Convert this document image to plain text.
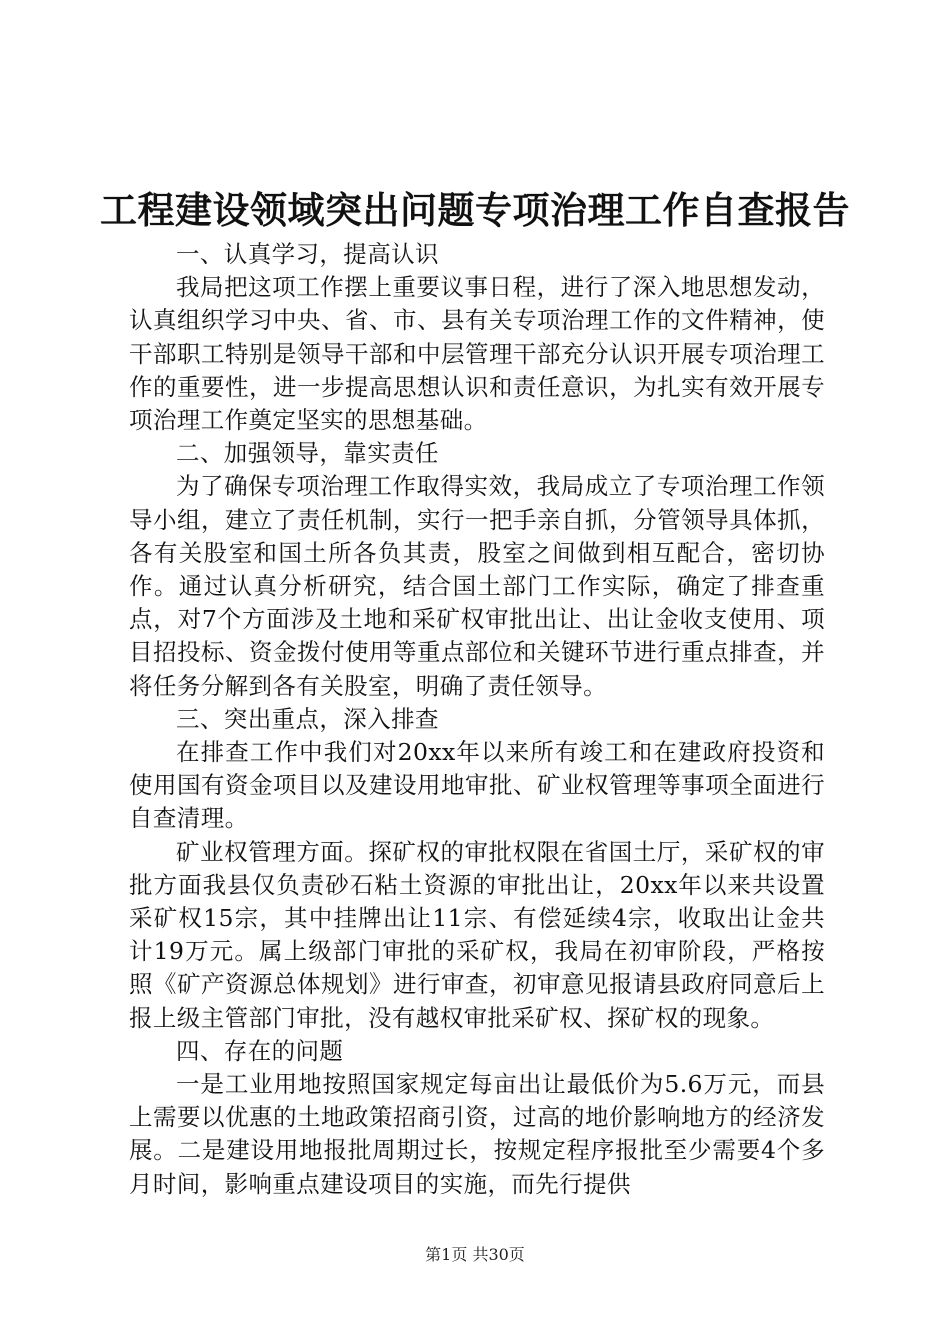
工程建设领域突出问题专项治理工作自查报告

一、认真学习，提高认识

我局把这项工作摆上重要议事日程，进行了深入地思想发动，认真组织学习中央、省、市、县有关专项治理工作的文件精神，使干部职工特别是领导干部和中层管理干部充分认识开展专项治理工作的重要性，进一步提高思想认识和责任意识，为扎实有效开展专项治理工作奠定坚实的思想基础。

二、加强领导，靠实责任

为了确保专项治理工作取得实效，我局成立了专项治理工作领导小组，建立了责任机制，实行一把手亲自抓，分管领导具体抓，各有关股室和国土所各负其责，股室之间做到相互配合，密切协作。通过认真分析研究，结合国土部门工作实际，确定了排查重点，对7个方面涉及土地和采矿权审批出让、出让金收支使用、项目招投标、资金拨付使用等重点部位和关键环节进行重点排查，并将任务分解到各有关股室，明确了责任领导。

三、突出重点，深入排查

在排查工作中我们对20xx年以来所有竣工和在建政府投资和使用国有资金项目以及建设用地审批、矿业权管理等事项全面进行自查清理。

矿业权管理方面。探矿权的审批权限在省国土厅，采矿权的审批方面我县仅负责砂石粘土资源的审批出让，20xx年以来共设置采矿权15宗，其中挂牌出让11宗、有偿延续4宗，收取出让金共计19万元。属上级部门审批的采矿权，我局在初审阶段，严格按照《矿产资源总体规划》进行审查，初审意见报请县政府同意后上报上级主管部门审批，没有越权审批采矿权、探矿权的现象。

四、存在的问题

一是工业用地按照国家规定每亩出让最低价为5.6万元，而县上需要以优惠的土地政策招商引资，过高的地价影响地方的经济发展。二是建设用地报批周期过长，按规定程序报批至少需要4个多月时间，影响重点建设项目的实施，而先行提供

第1页 共30页
